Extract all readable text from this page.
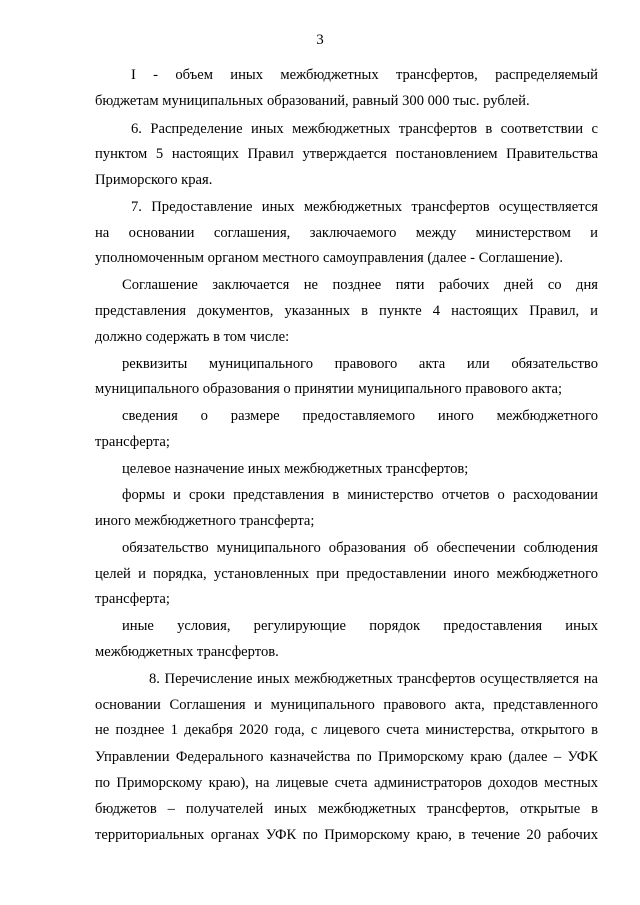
3
I - объем иных межбюджетных трансфертов, распределяемый
бюджетам муниципальных образований, равный 300 000 тыс. рублей.
6. Распределение иных межбюджетных трансфертов в соответствии с
пунктом 5 настоящих Правил утверждается постановлением Правительства
Приморского края.
7. Предоставление иных межбюджетных трансфертов осуществляется
на основании соглашения, заключаемого между министерством и
уполномоченным органом местного самоуправления (далее - Соглашение).
Соглашение заключается не позднее пяти рабочих дней со дня
представления документов, указанных в пункте 4 настоящих Правил, и
должно содержать в том числе:
реквизиты муниципального правового акта или обязательство
муниципального образования о принятии муниципального правового акта;
сведения о размере предоставляемого иного межбюджетного
трансферта;
целевое назначение иных межбюджетных трансфертов;
формы и сроки представления в министерство отчетов о расходовании
иного межбюджетного трансферта;
обязательство муниципального образования об обеспечении соблюдения
целей и порядка, установленных при предоставлении иного межбюджетного
трансферта;
иные условия, регулирующие порядок предоставления иных
межбюджетных трансфертов.
8. Перечисление иных межбюджетных трансфертов осуществляется на
основании Соглашения и муниципального правового акта, представленного
не позднее 1 декабря 2020 года, с лицевого счета министерства, открытого в
Управлении Федерального казначейства по Приморскому краю (далее – УФК
по Приморскому краю), на лицевые счета администраторов доходов местных
бюджетов – получателей иных межбюджетных трансфертов, открытые в
территориальных органах УФК по Приморскому краю, в течение 20 рабочих
